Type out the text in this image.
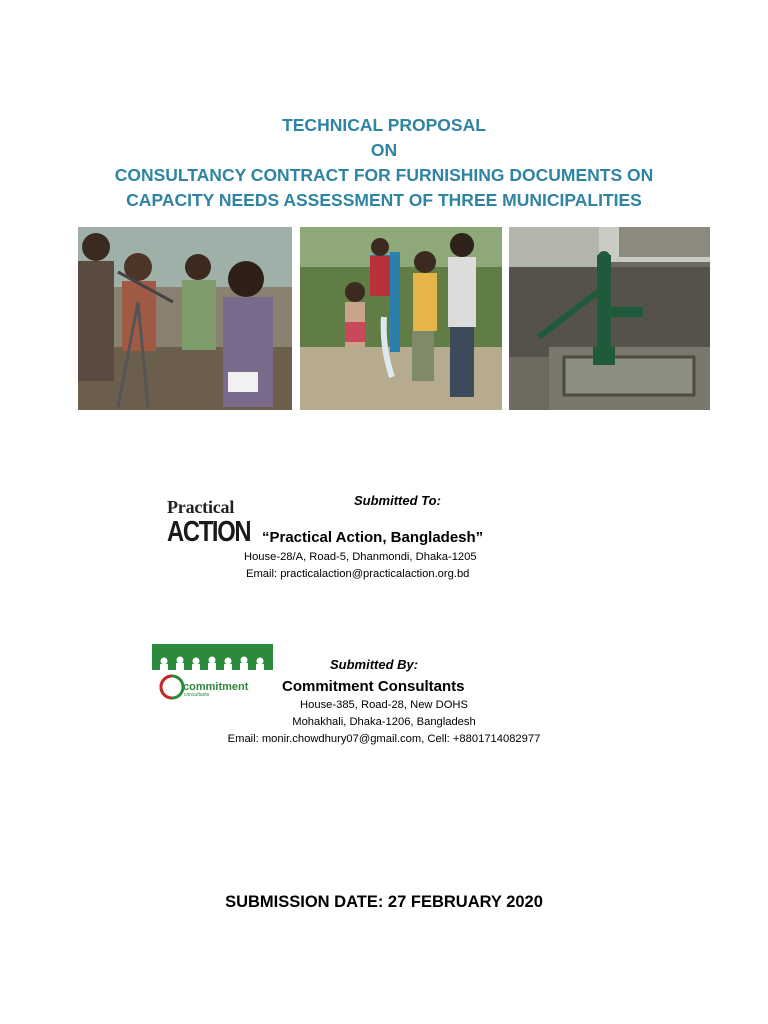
TECHNICAL PROPOSAL
ON
CONSULTANCY CONTRACT FOR FURNISHING DOCUMENTS ON
CAPACITY NEEDS ASSESSMENT OF THREE MUNICIPALITIES
Practical
ACTION
Submitted To:
“Practical Action, Bangladesh”
House-28/A, Road-5, Dhanmondi, Dhaka-1205
Email: practicalaction@practicalaction.org.bd
commitment
consultants
Submitted By:
Commitment Consultants
House-385, Road-28, New DOHS
Mohakhali, Dhaka-1206, Bangladesh
Email: monir.chowdhury07@gmail.com, Cell: +8801714082977
SUBMISSION DATE: 27 FEBRUARY 2020
